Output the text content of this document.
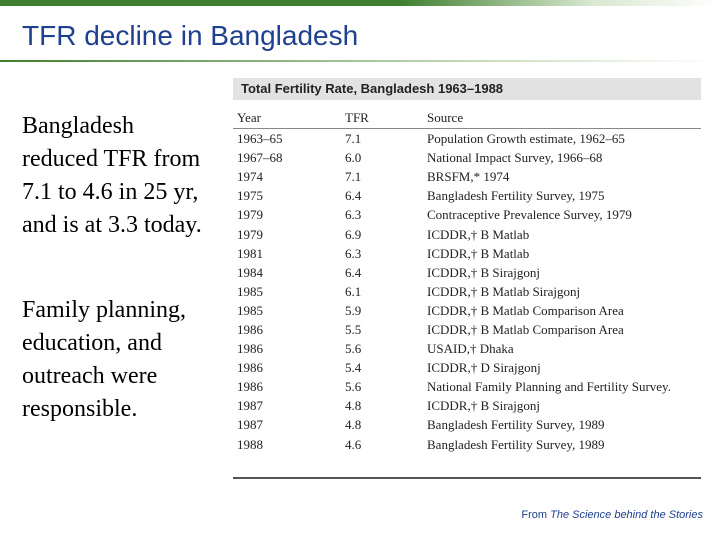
TFR decline in Bangladesh

Bangladesh reduced TFR from 7.1 to 4.6 in 25 yr, and is at 3.3 today.

Family planning, education, and outreach were responsible.

Total Fertility Rate, Bangladesh 1963–1988
Year	TFR	Source
1963–65	7.1	Population Growth estimate, 1962–65
1967–68	6.0	National Impact Survey, 1966–68
1974	7.1	BRSFM,* 1974
1975	6.4	Bangladesh Fertility Survey, 1975
1979	6.3	Contraceptive Prevalence Survey, 1979
1979	6.9	ICDDR,† B Matlab
1981	6.3	ICDDR,† B Matlab
1984	6.4	ICDDR,† B Sirajgonj
1985	6.1	ICDDR,† B Matlab Sirajgonj
1985	5.9	ICDDR,† B Matlab Comparison Area
1986	5.5	ICDDR,† B Matlab Comparison Area
1986	5.6	USAID,† Dhaka
1986	5.4	ICDDR,† D Sirajgonj
1986	5.6	National Family Planning and Fertility Survey.
1987	4.8	ICDDR,† B Sirajgonj
1987	4.8	Bangladesh Fertility Survey, 1989
1988	4.6	Bangladesh Fertility Survey, 1989
From The Science behind the Stories
